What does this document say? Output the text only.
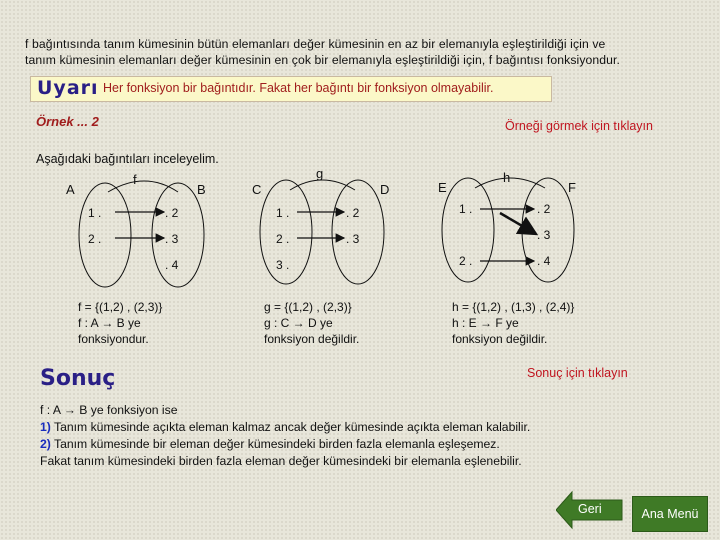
f bağıntısında tanım kümesinin bütün elemanları değer kümesinin en az bir elemanıyla eşleştirildiği için ve
tanım kümesinin elemanları değer kümesinin en çok bir elemanıyla eşleştirildiği için, f bağıntısı fonksiyondur.
Uyarı Her fonksiyon bir bağıntıdır. Fakat her bağıntı bir fonksiyon olmayabilir.
Örnek ... 2	Örneği görmek için tıklayın
Aşağıdaki bağıntıları inceleyelim.
A	B
f
1 .
2 .
. 2
. 3
. 4
f = {(1,2) , (2,3)}
f : A → B ye
fonksiyondur.
C	D
g
1 .
2 .
3 .
. 2
. 3
g = {(1,2) , (2,3)}
g : C → D ye
fonksiyon değildir.
E	F
h
1 .
2 .
. 2
. 3
. 4
h = {(1,2) , (1,3) , (2,4)}
h : E → F ye
fonksiyon değildir.
Sonuç için tıklayın
Sonuç
f : A → B ye fonksiyon ise
1) Tanım kümesinde açıkta eleman kalmaz ancak değer kümesinde açıkta eleman kalabilir.
2) Tanım kümesinde bir eleman değer kümesindeki birden fazla elemanla eşleşemez.
Fakat tanım kümesindeki birden fazla eleman değer kümesindeki bir elemanla eşlenebilir.
Geri	Ana Menü
